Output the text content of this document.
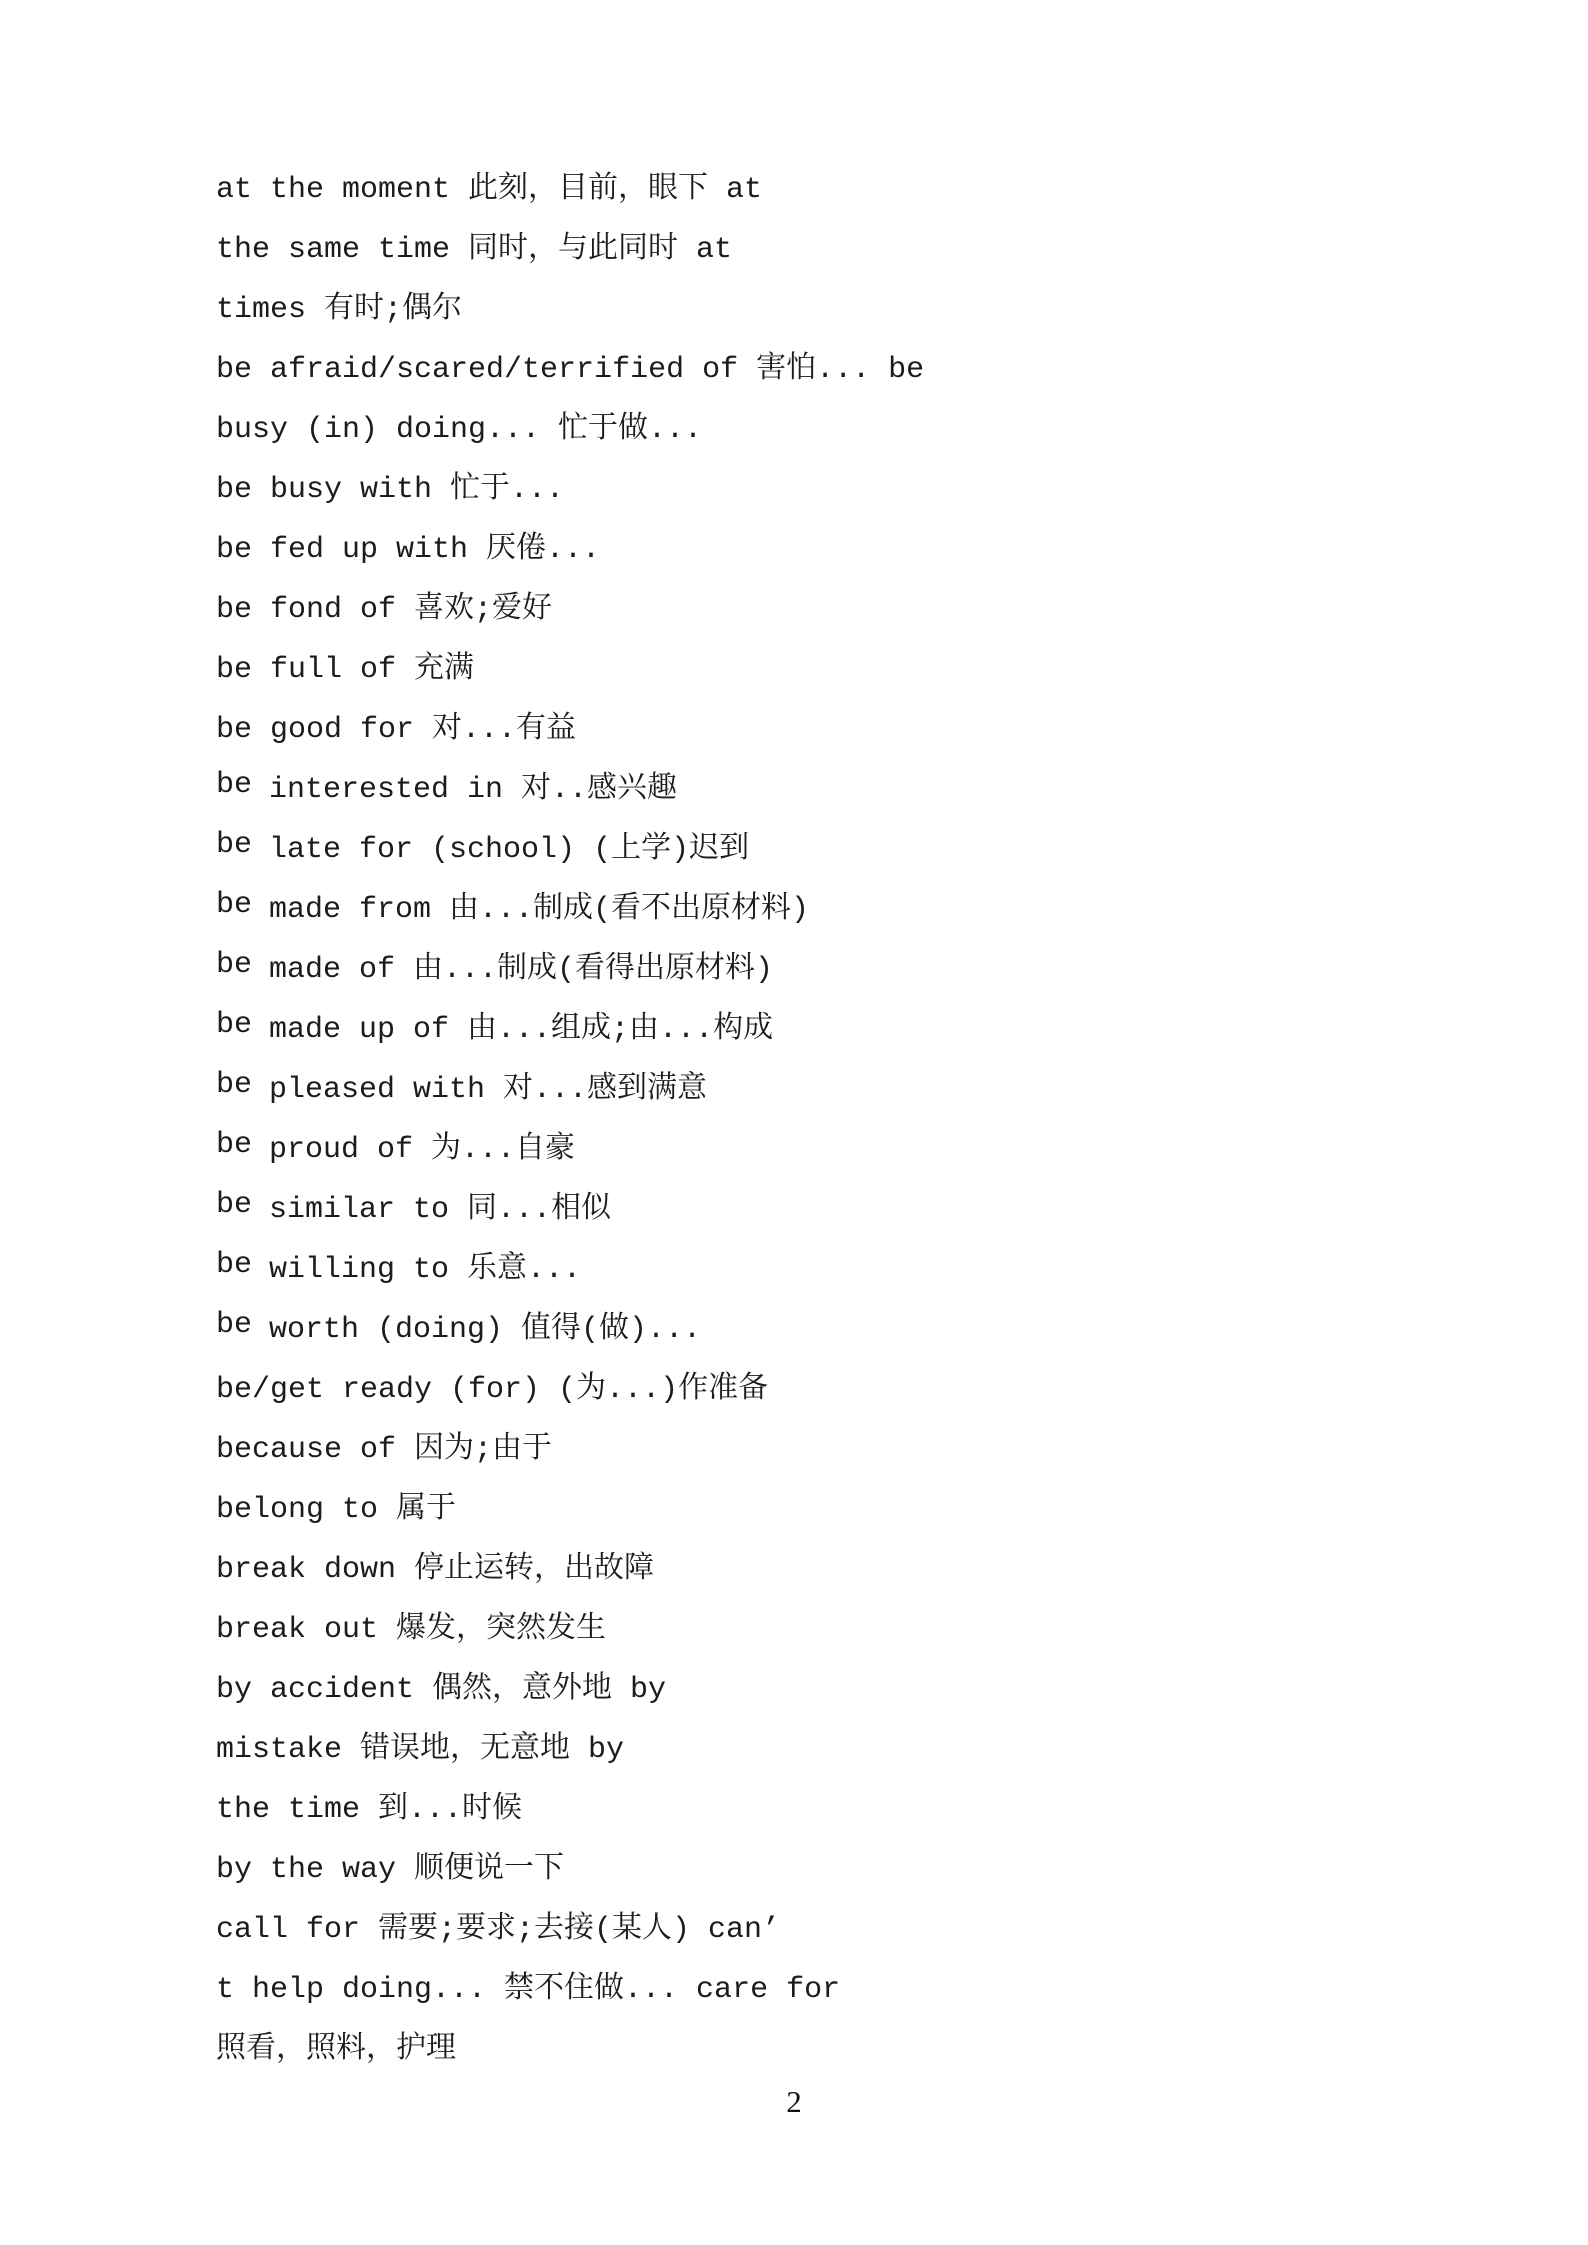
at the moment 此刻，目前，眼下 at
the same time 同时，与此同时 at
times 有时;偶尔
be afraid/scared/terrified of 害怕... be
busy (in) doing... 忙于做...
be busy with 忙于...
be fed up with 厌倦...
be fond of 喜欢;爱好
be full of 充满
be good for 对...有益
be interested in 对..感兴趣
be late for (school) (上学)迟到
be made from 由...制成(看不出原材料)
be made of 由...制成(看得出原材料)
be made up of 由...组成;由...构成
be pleased with 对...感到满意
be proud of 为...自豪
be similar to 同...相似
be willing to 乐意...
be worth (doing) 值得(做)...
be/get ready (for) (为...)作准备
because of 因为;由于
belong to 属于
break down 停止运转，出故障
break out 爆发，突然发生
by accident 偶然，意外地 by
mistake 错误地，无意地 by
the time 到...时候
by the way 顺便说一下
call for 需要;要求;去接(某人) can’
t help doing... 禁不住做... care for
照看，照料，护理
2
